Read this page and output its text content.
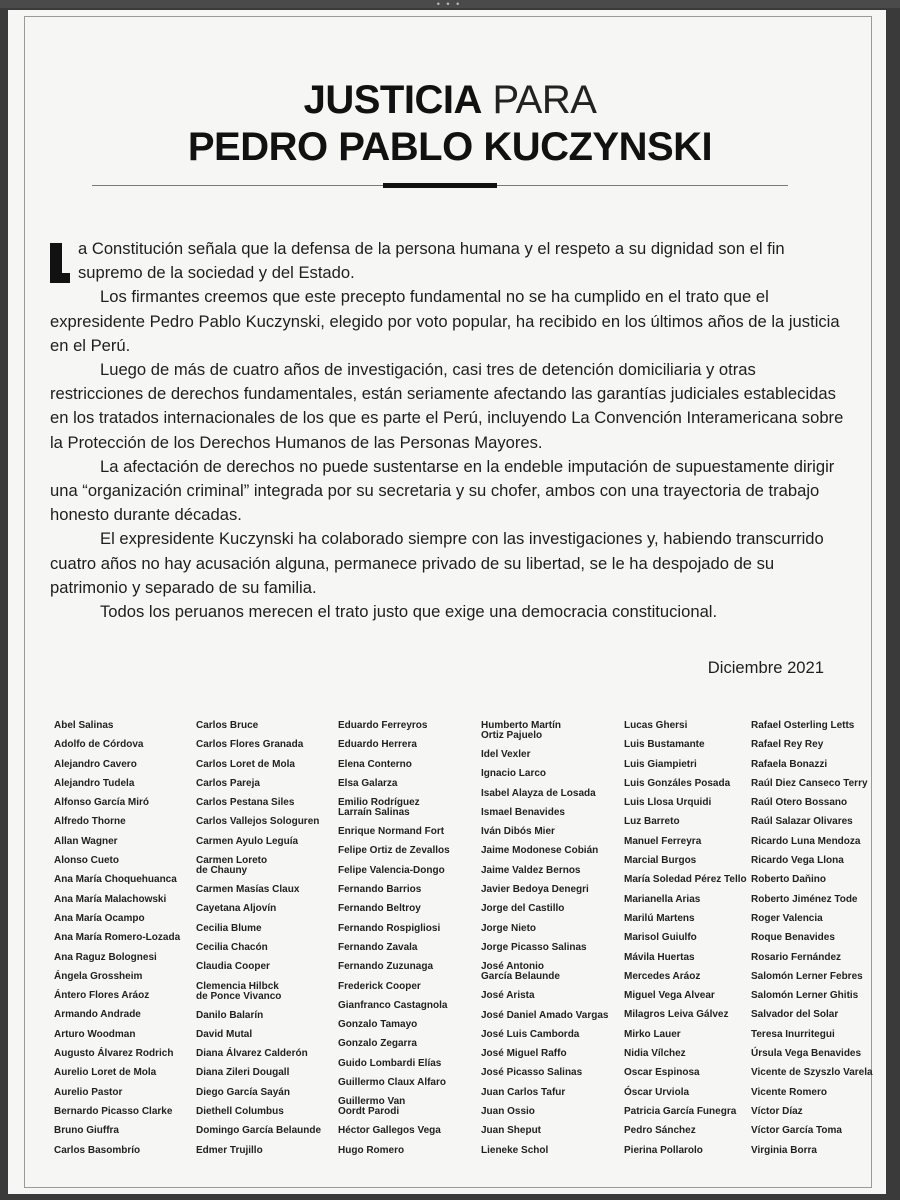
• • •
JUSTICIA PARA
PEDRO PABLO KUCZYNSKI

a Constitución señala que la defensa de la persona humana y el respeto a su dignidad son el fin supremo de la sociedad y del Estado.

Los firmantes creemos que este precepto fundamental no se ha cumplido en el trato que el expresidente Pedro Pablo Kuczynski, elegido por voto popular, ha recibido en los últimos años de la justicia en el Perú.

Luego de más de cuatro años de investigación, casi tres de detención domiciliaria y otras restricciones de derechos fundamentales, están seriamente afectando las garantías judiciales establecidas en los tratados internacionales de los que es parte el Perú, incluyendo La Convención Interamericana sobre la Protección de los Derechos Humanos de las Personas Mayores.

La afectación de derechos no puede sustentarse en la endeble imputación de supuestamente dirigir una “organización criminal” integrada por su secretaria y su chofer, ambos con una trayectoria de trabajo honesto durante décadas.

El expresidente Kuczynski ha colaborado siempre con las investigaciones y, habiendo transcurrido cuatro años no hay acusación alguna, permanece privado de su libertad, se le ha despojado de su patrimonio y separado de su familia.

Todos los peruanos merecen el trato justo que exige una democracia constitucional.

Diciembre 2021
Abel Salinas
Adolfo de Córdova
Alejandro Cavero
Alejandro Tudela
Alfonso García Miró
Alfredo Thorne
Allan Wagner
Alonso Cueto
Ana María Choquehuanca
Ana María Malachowski
Ana María Ocampo
Ana María Romero-Lozada
Ana Raguz Bolognesi
Ángela Grossheim
Ántero Flores Aráoz
Armando Andrade
Arturo Woodman
Augusto Álvarez Rodrich
Aurelio Loret de Mola
Aurelio Pastor
Bernardo Picasso Clarke
Bruno Giuffra
Carlos Basombrío
Carlos Bruce
Carlos Flores Granada
Carlos Loret de Mola
Carlos Pareja
Carlos Pestana Siles
Carlos Vallejos Sologuren
Carmen Ayulo Leguía
Carmen Loreto
de Chauny
Carmen Masías Claux
Cayetana Aljovín
Cecilia Blume
Cecilia Chacón
Claudia Cooper
Clemencia Hilbck
de Ponce Vivanco
Danilo Balarín
David Mutal
Diana Álvarez Calderón
Diana Zileri Dougall
Diego García Sayán
Diethell Columbus
Domingo García Belaunde
Edmer Trujillo
Eduardo Ferreyros
Eduardo Herrera
Elena Conterno
Elsa Galarza
Emilio Rodríguez
Larraín Salinas
Enrique Normand Fort
Felipe Ortiz de Zevallos
Felipe Valencia-Dongo
Fernando Barrios
Fernando Beltroy
Fernando Rospigliosi
Fernando Zavala
Fernando Zuzunaga
Frederick Cooper
Gianfranco Castagnola
Gonzalo Tamayo
Gonzalo Zegarra
Guido Lombardi Elías
Guillermo Claux Alfaro
Guillermo Van
Oordt Parodi
Héctor Gallegos Vega
Hugo Romero
Humberto Martín
Ortiz Pajuelo
Idel Vexler
Ignacio Larco
Isabel Alayza de Losada
Ismael Benavides
Iván Dibós Mier
Jaime Modonese Cobián
Jaime Valdez Bernos
Javier Bedoya Denegri
Jorge del Castillo
Jorge Nieto
Jorge Picasso Salinas
José Antonio
García Belaunde
José Arista
José Daniel Amado Vargas
José Luis Camborda
José Miguel Raffo
José Picasso Salinas
Juan Carlos Tafur
Juan Ossio
Juan Sheput
Lieneke Schol
Lucas Ghersi
Luis Bustamante
Luis Giampietri
Luis Gonzáles Posada
Luis Llosa Urquidi
Luz Barreto
Manuel Ferreyra
Marcial Burgos
María Soledad Pérez Tello
Marianella Arias
Marilú Martens
Marisol Guiulfo
Mávila Huertas
Mercedes Aráoz
Miguel Vega Alvear
Milagros Leiva Gálvez
Mirko Lauer
Nidia Vílchez
Oscar Espinosa
Óscar Urviola
Patricia García Funegra
Pedro Sánchez
Pierina Pollarolo
Rafael Osterling Letts
Rafael Rey Rey
Rafaela Bonazzi
Raúl Diez Canseco Terry
Raúl Otero Bossano
Raúl Salazar Olivares
Ricardo Luna Mendoza
Ricardo Vega Llona
Roberto Daňino
Roberto Jiménez Tode
Roger Valencia
Roque Benavides
Rosario Fernández
Salomón Lerner Febres
Salomón Lerner Ghitis
Salvador del Solar
Teresa Inurritegui
Úrsula Vega Benavides
Vicente de Szyszlo Varela
Vicente Romero
Víctor Díaz
Víctor García Toma
Virginia Borra
